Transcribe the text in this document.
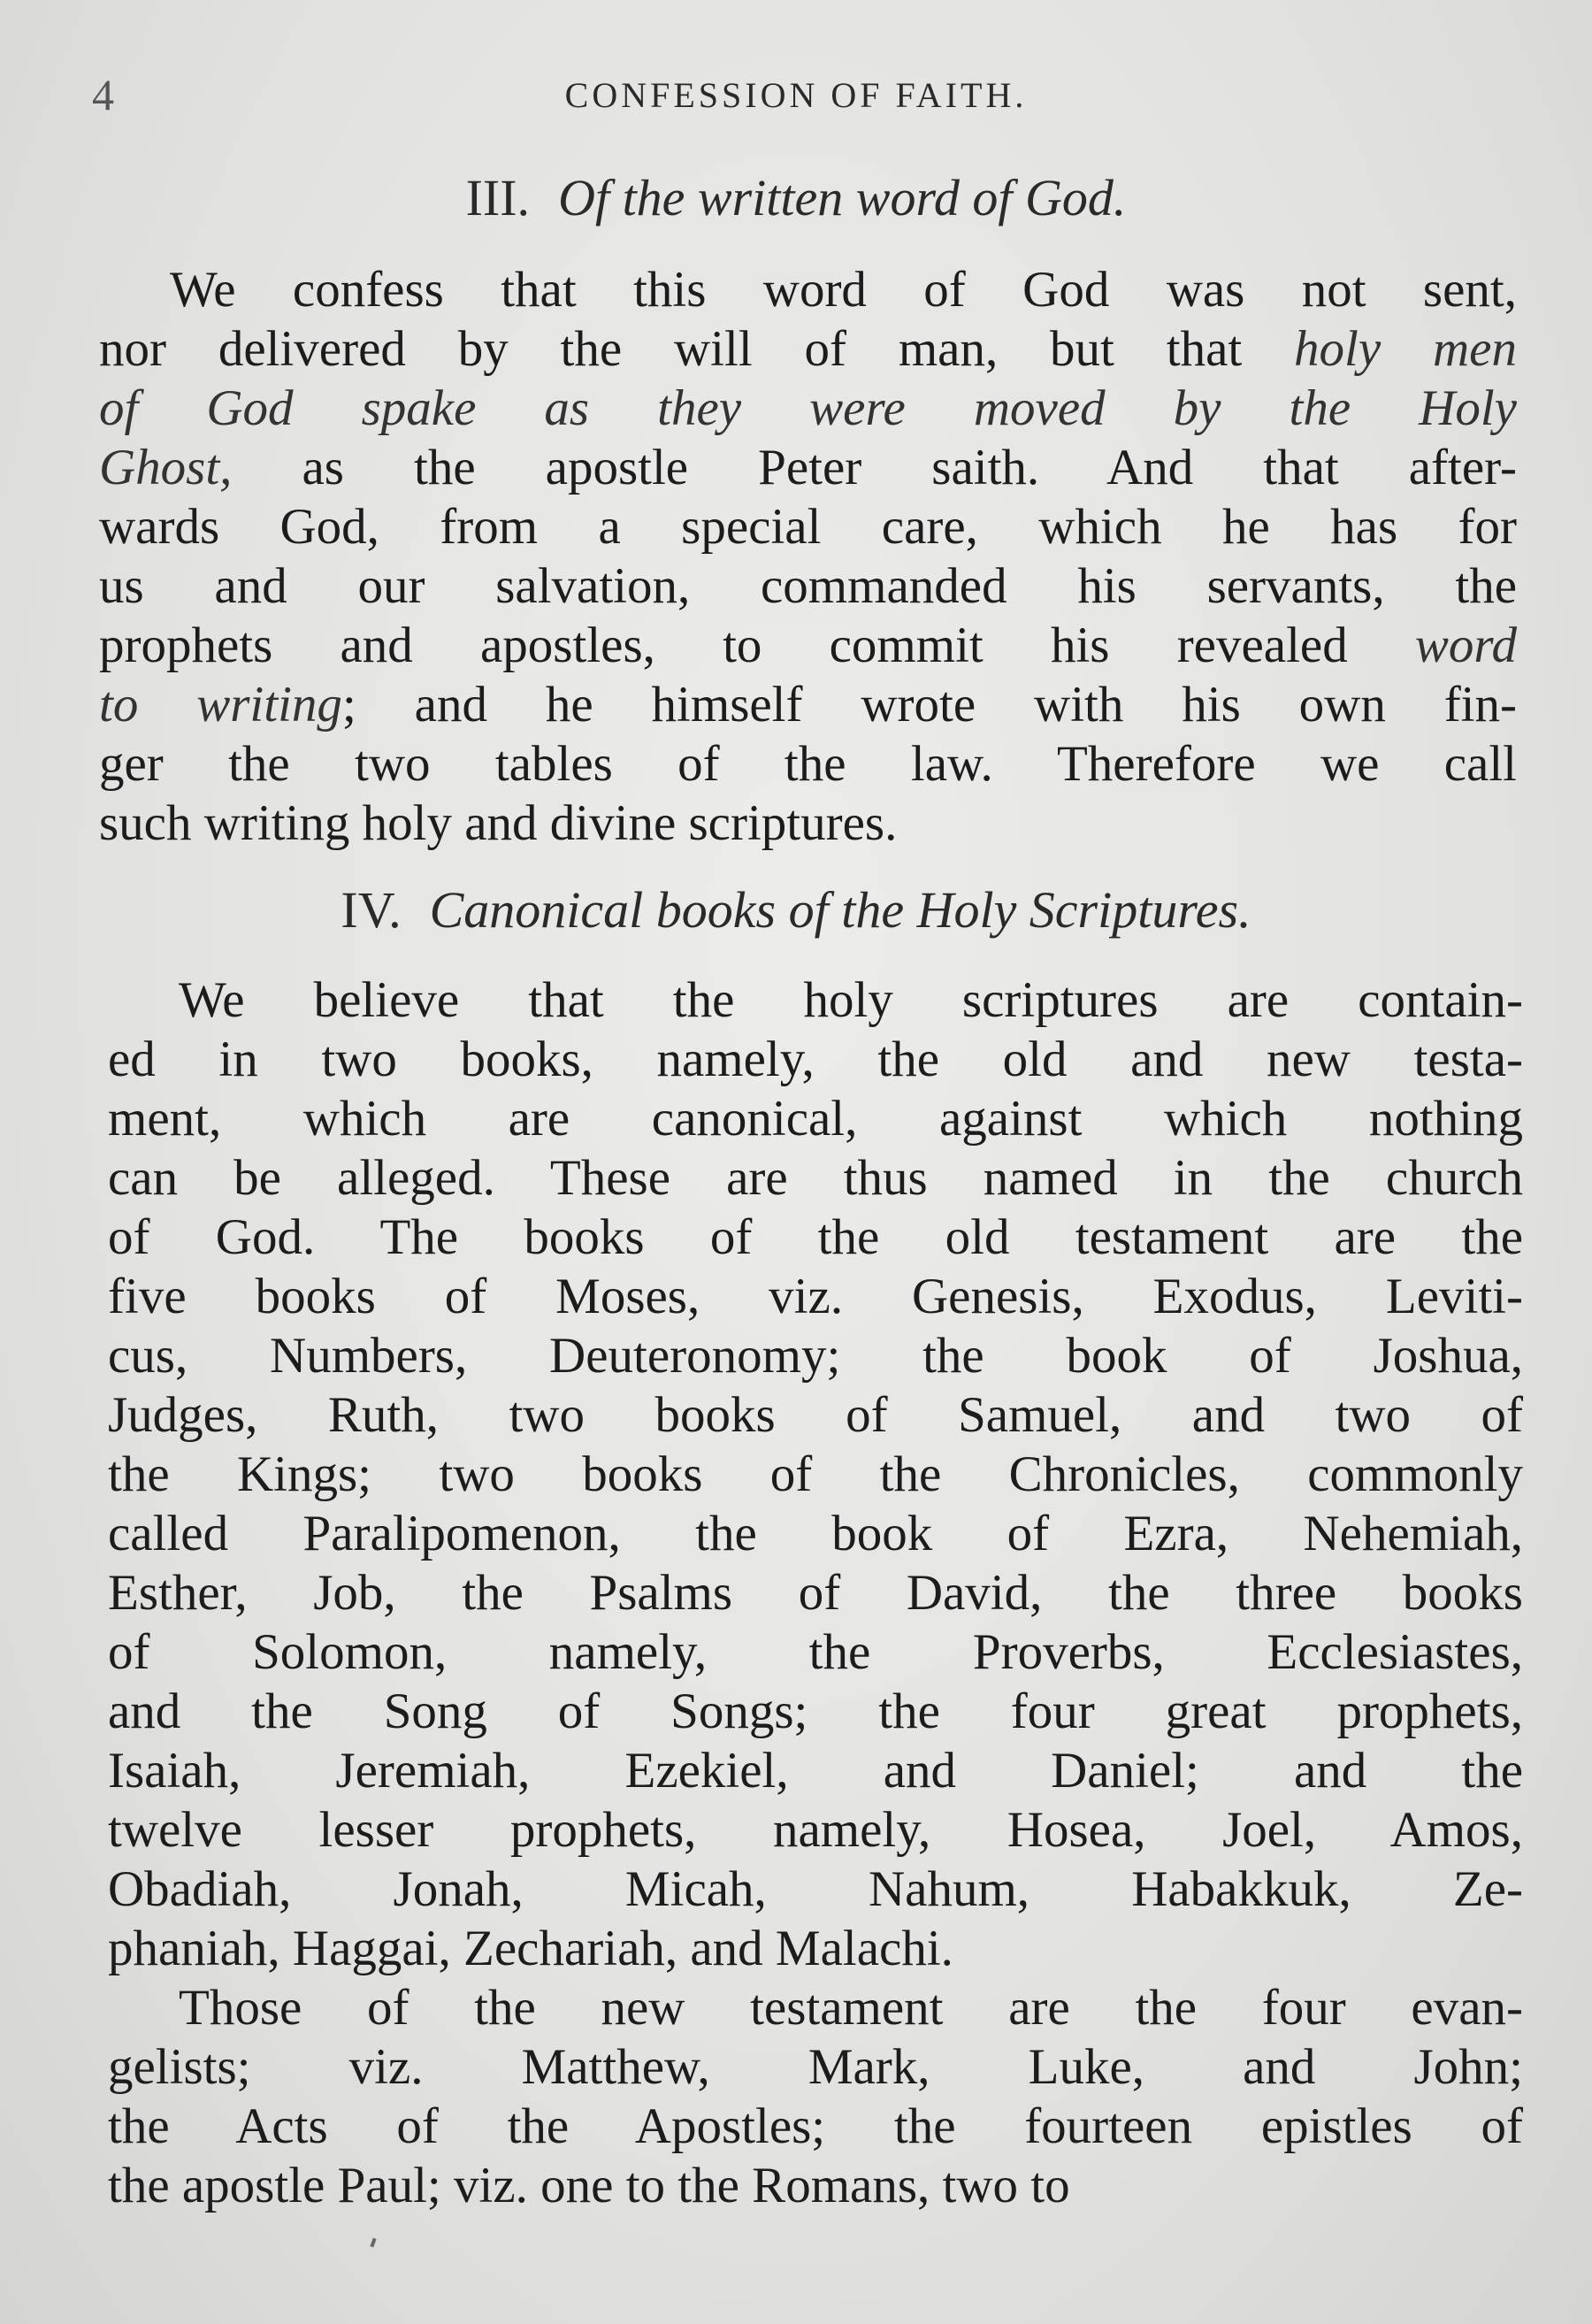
4	CONFESSION OF FAITH.
III. Of the written word of God.
We confess that this word of God was not sent,
nor delivered by the will of man, but that holy men
of God spake as they were moved by the Holy
Ghost, as the apostle Peter saith. And that after-
wards God, from a special care, which he has for
us and our salvation, commanded his servants, the
prophets and apostles, to commit his revealed word
to writing; and he himself wrote with his own fin-
ger the two tables of the law. Therefore we call
such writing holy and divine scriptures.
IV. Canonical books of the Holy Scriptures.
We believe that the holy scriptures are contain-
ed in two books, namely, the old and new testa-
ment, which are canonical, against which nothing
can be alleged. These are thus named in the church
of God. The books of the old testament are the
five books of Moses, viz. Genesis, Exodus, Leviti-
cus, Numbers, Deuteronomy; the book of Joshua,
Judges, Ruth, two books of Samuel, and two of
the Kings; two books of the Chronicles, commonly
called Paralipomenon, the book of Ezra, Nehemiah,
Esther, Job, the Psalms of David, the three books
of Solomon, namely, the Proverbs, Ecclesiastes,
and the Song of Songs; the four great prophets,
Isaiah, Jeremiah, Ezekiel, and Daniel; and the
twelve lesser prophets, namely, Hosea, Joel, Amos,
Obadiah, Jonah, Micah, Nahum, Habakkuk, Ze-
phaniah, Haggai, Zechariah, and Malachi.
Those of the new testament are the four evan-
gelists; viz. Matthew, Mark, Luke, and John;
the Acts of the Apostles; the fourteen epistles of
the apostle Paul; viz. one to the Romans, two to
